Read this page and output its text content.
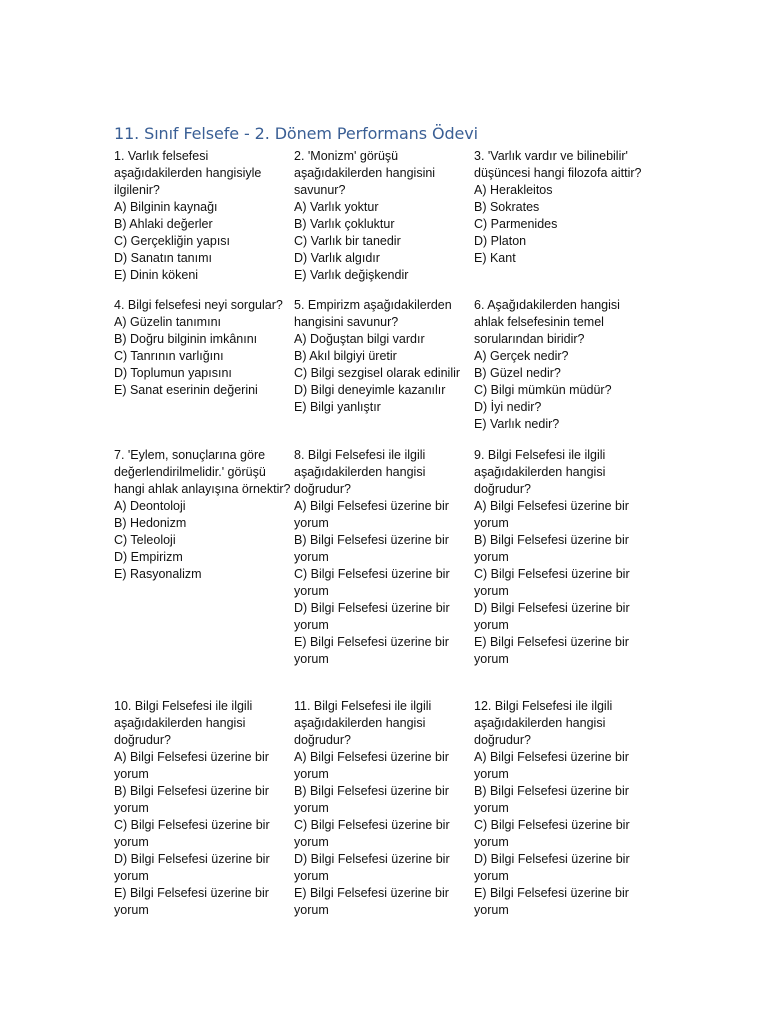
11. Sınıf Felsefe - 2. Dönem Performans Ödevi
1. Varlık felsefesi aşağıdakilerden hangisiyle ilgilenir?
A) Bilginin kaynağı
B) Ahlaki değerler
C) Gerçekliğin yapısı
D) Sanatın tanımı
E) Dinin kökeni
2. 'Monizm' görüşü aşağıdakilerden hangisini savunur?
A) Varlık yoktur
B) Varlık çokluktur
C) Varlık bir tanedir
D) Varlık algıdır
E) Varlık değişkendir
3. 'Varlık vardır ve bilinebilir' düşüncesi hangi filozofa aittir?
A) Herakleitos
B) Sokrates
C) Parmenides
D) Platon
E) Kant
4. Bilgi felsefesi neyi sorgular?
A) Güzelin tanımını
B) Doğru bilginin imkânını
C) Tanrının varlığını
D) Toplumun yapısını
E) Sanat eserinin değerini
5. Empirizm aşağıdakilerden hangisini savunur?
A) Doğuştan bilgi vardır
B) Akıl bilgiyi üretir
C) Bilgi sezgisel olarak edinilir
D) Bilgi deneyimle kazanılır
E) Bilgi yanlıştır
6. Aşağıdakilerden hangisi ahlak felsefesinin temel sorularından biridir?
A) Gerçek nedir?
B) Güzel nedir?
C) Bilgi mümkün müdür?
D) İyi nedir?
E) Varlık nedir?
7. 'Eylem, sonuçlarına göre değerlendirilmelidir.' görüşü hangi ahlak anlayışına örnektir?
A) Deontoloji
B) Hedonizm
C) Teleoloji
D) Empirizm
E) Rasyonalizm
8. Bilgi Felsefesi ile ilgili aşağıdakilerden hangisi doğrudur?
A) Bilgi Felsefesi üzerine bir yorum
B) Bilgi Felsefesi üzerine bir yorum
C) Bilgi Felsefesi üzerine bir yorum
D) Bilgi Felsefesi üzerine bir yorum
E) Bilgi Felsefesi üzerine bir yorum
9. Bilgi Felsefesi ile ilgili aşağıdakilerden hangisi doğrudur?
A) Bilgi Felsefesi üzerine bir yorum
B) Bilgi Felsefesi üzerine bir yorum
C) Bilgi Felsefesi üzerine bir yorum
D) Bilgi Felsefesi üzerine bir yorum
E) Bilgi Felsefesi üzerine bir yorum
10. Bilgi Felsefesi ile ilgili aşağıdakilerden hangisi doğrudur?
A) Bilgi Felsefesi üzerine bir yorum
B) Bilgi Felsefesi üzerine bir yorum
C) Bilgi Felsefesi üzerine bir yorum
D) Bilgi Felsefesi üzerine bir yorum
E) Bilgi Felsefesi üzerine bir yorum
11. Bilgi Felsefesi ile ilgili aşağıdakilerden hangisi doğrudur?
A) Bilgi Felsefesi üzerine bir yorum
B) Bilgi Felsefesi üzerine bir yorum
C) Bilgi Felsefesi üzerine bir yorum
D) Bilgi Felsefesi üzerine bir yorum
E) Bilgi Felsefesi üzerine bir yorum
12. Bilgi Felsefesi ile ilgili aşağıdakilerden hangisi doğrudur?
A) Bilgi Felsefesi üzerine bir yorum
B) Bilgi Felsefesi üzerine bir yorum
C) Bilgi Felsefesi üzerine bir yorum
D) Bilgi Felsefesi üzerine bir yorum
E) Bilgi Felsefesi üzerine bir yorum
